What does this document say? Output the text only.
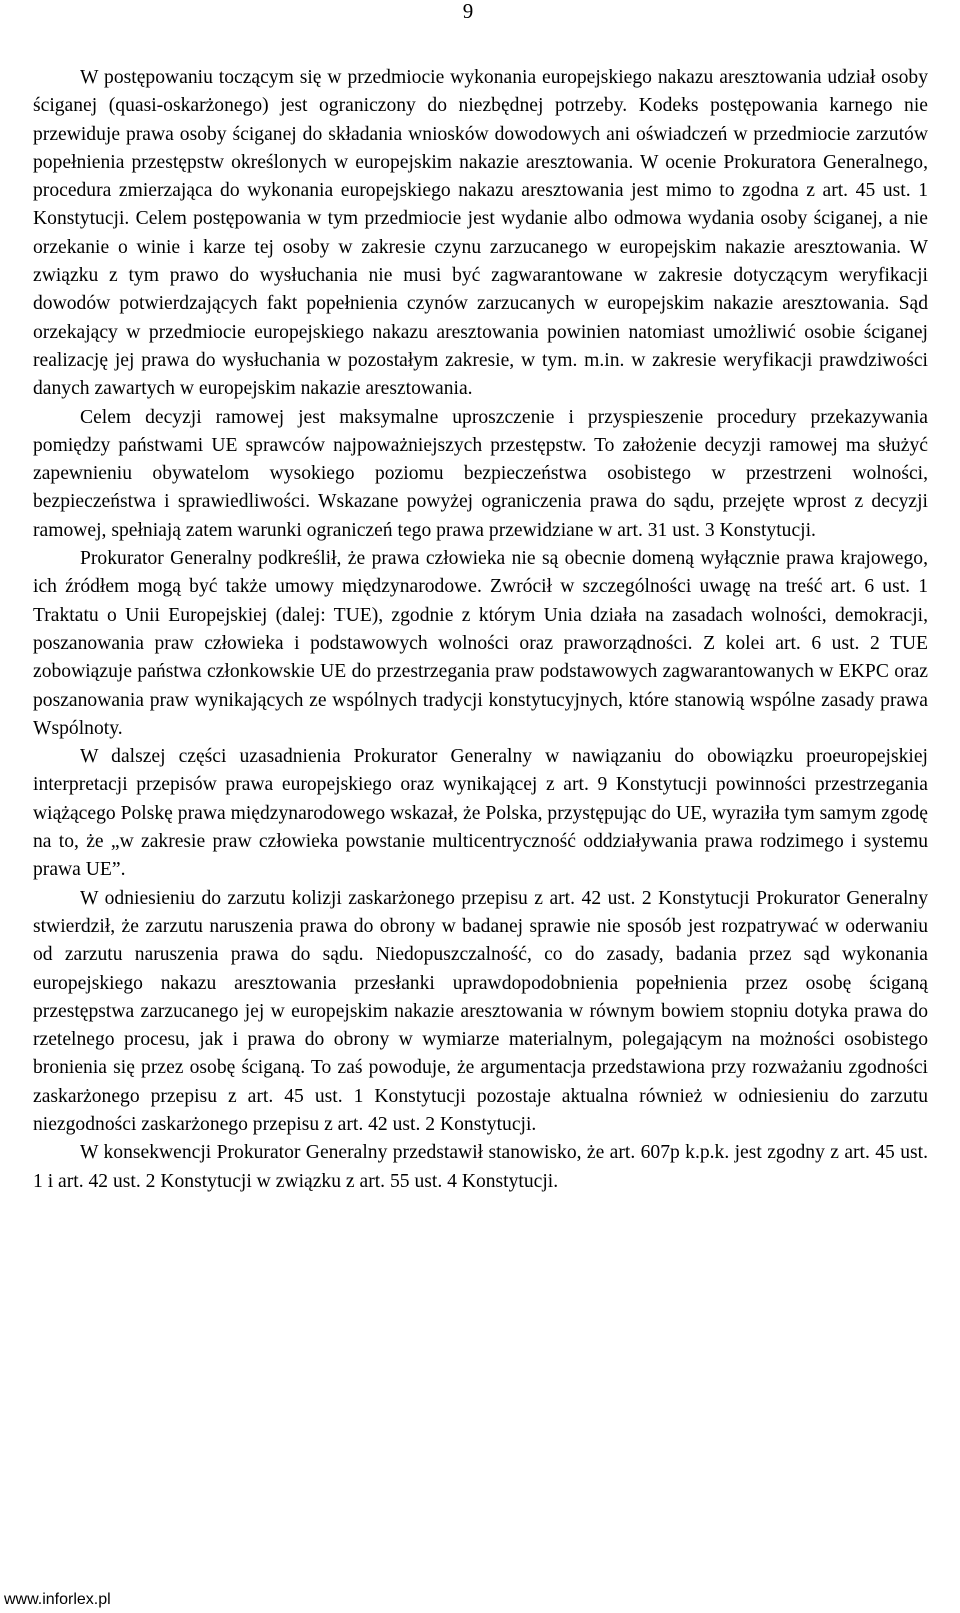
9

W postępowaniu toczącym się w przedmiocie wykonania europejskiego nakazu aresztowania udział osoby ściganej (quasi-oskarżonego) jest ograniczony do niezbędnej potrzeby. Kodeks postępowania karnego nie przewiduje prawa osoby ściganej do składania wniosków dowodowych ani oświadczeń w przedmiocie zarzutów popełnienia przestępstw określonych w europejskim nakazie aresztowania. W ocenie Prokuratora Generalnego, procedura zmierzająca do wykonania europejskiego nakazu aresztowania jest mimo to zgodna z art. 45 ust. 1 Konstytucji. Celem postępowania w tym przedmiocie jest wydanie albo odmowa wydania osoby ściganej, a nie orzekanie o winie i karze tej osoby w zakresie czynu zarzucanego w europejskim nakazie aresztowania. W związku z tym prawo do wysłuchania nie musi być zagwarantowane w zakresie dotyczącym weryfikacji dowodów potwierdzających fakt popełnienia czynów zarzucanych w europejskim nakazie aresztowania. Sąd orzekający w przedmiocie europejskiego nakazu aresztowania powinien natomiast umożliwić osobie ściganej realizację jej prawa do wysłuchania w pozostałym zakresie, w tym. m.in. w zakresie weryfikacji prawdziwości danych zawartych w europejskim nakazie aresztowania.

Celem decyzji ramowej jest maksymalne uproszczenie i przyspieszenie procedury przekazywania pomiędzy państwami UE sprawców najpoważniejszych przestępstw. To założenie decyzji ramowej ma służyć zapewnieniu obywatelom wysokiego poziomu bezpieczeństwa osobistego w przestrzeni wolności, bezpieczeństwa i sprawiedliwości. Wskazane powyżej ograniczenia prawa do sądu, przejęte wprost z decyzji ramowej, spełniają zatem warunki ograniczeń tego prawa przewidziane w art. 31 ust. 3 Konstytucji.

Prokurator Generalny podkreślił, że prawa człowieka nie są obecnie domeną wyłącznie prawa krajowego, ich źródłem mogą być także umowy międzynarodowe. Zwrócił w szczególności uwagę na treść art. 6 ust. 1 Traktatu o Unii Europejskiej (dalej: TUE), zgodnie z którym Unia działa na zasadach wolności, demokracji, poszanowania praw człowieka i podstawowych wolności oraz praworządności. Z kolei art. 6 ust. 2 TUE zobowiązuje państwa członkowskie UE do przestrzegania praw podstawowych zagwarantowanych w EKPC oraz poszanowania praw wynikających ze wspólnych tradycji konstytucyjnych, które stanowią wspólne zasady prawa Wspólnoty.

W dalszej części uzasadnienia Prokurator Generalny w nawiązaniu do obowiązku proeuropejskiej interpretacji przepisów prawa europejskiego oraz wynikającej z art. 9 Konstytucji powinności przestrzegania wiążącego Polskę prawa międzynarodowego wskazał, że Polska, przystępując do UE, wyraziła tym samym zgodę na to, że „w zakresie praw człowieka powstanie multicentryczność oddziaływania prawa rodzimego i systemu prawa UE”.

W odniesieniu do zarzutu kolizji zaskarżonego przepisu z art. 42 ust. 2 Konstytucji Prokurator Generalny stwierdził, że zarzutu naruszenia prawa do obrony w badanej sprawie nie sposób jest rozpatrywać w oderwaniu od zarzutu naruszenia prawa do sądu. Niedopuszczalność, co do zasady, badania przez sąd wykonania europejskiego nakazu aresztowania przesłanki uprawdopodobnienia popełnienia przez osobę ściganą przestępstwa zarzucanego jej w europejskim nakazie aresztowania w równym bowiem stopniu dotyka prawa do rzetelnego procesu, jak i prawa do obrony w wymiarze materialnym, polegającym na możności osobistego bronienia się przez osobę ściganą. To zaś powoduje, że argumentacja przedstawiona przy rozważaniu zgodności zaskarżonego przepisu z art. 45 ust. 1 Konstytucji pozostaje aktualna również w odniesieniu do zarzutu niezgodności zaskarżonego przepisu z art. 42 ust. 2 Konstytucji.

W konsekwencji Prokurator Generalny przedstawił stanowisko, że art. 607p k.p.k. jest zgodny z art. 45 ust. 1 i art. 42 ust. 2 Konstytucji w związku z art. 55 ust. 4 Konstytucji.

www.inforlex.pl
